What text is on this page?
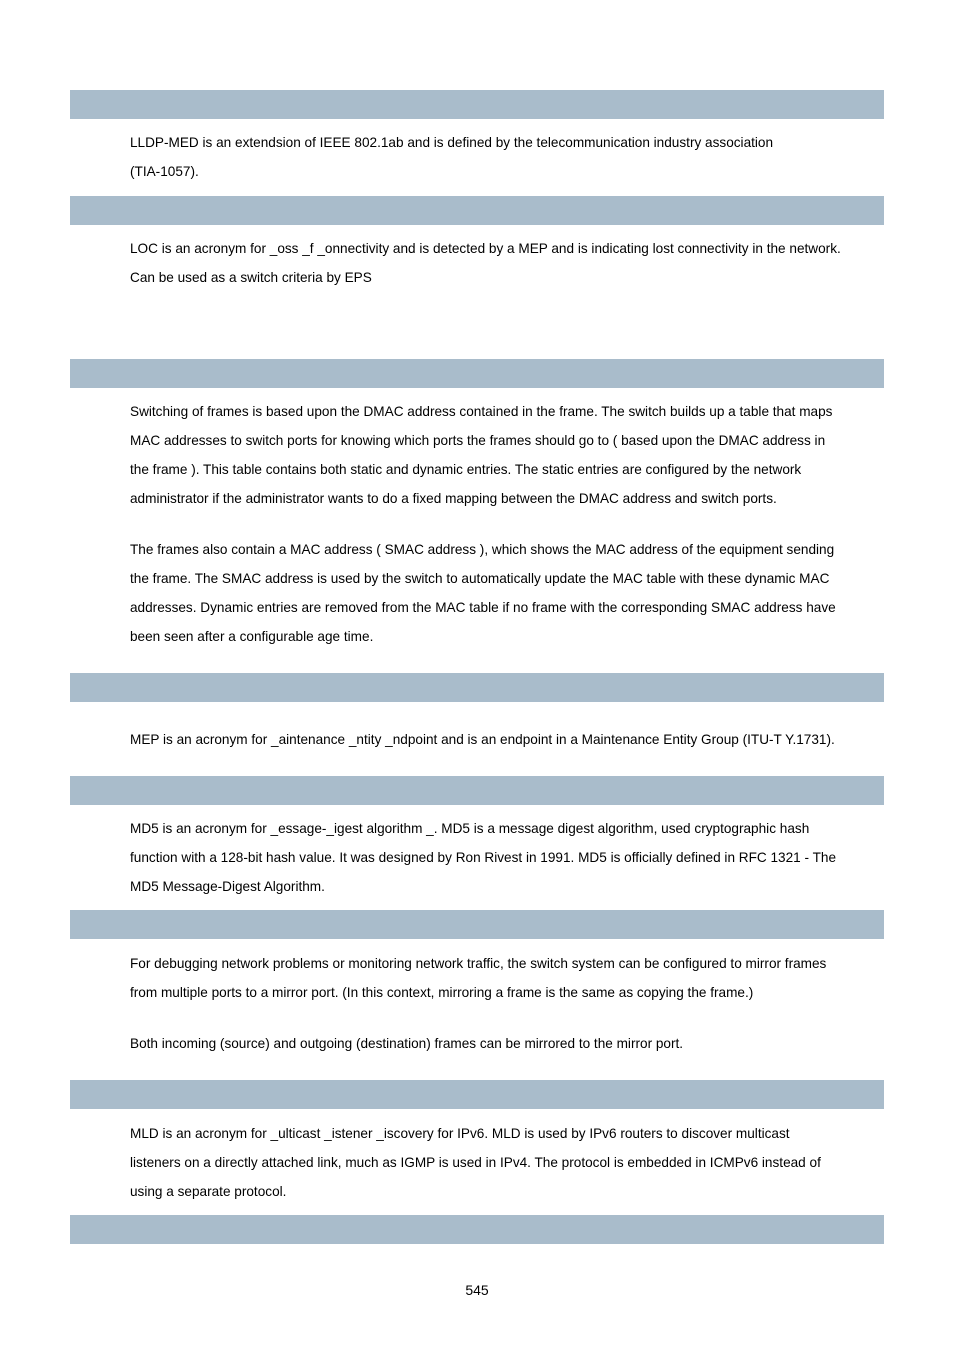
LLDP-MED is an extendsion of IEEE 802.1ab and is defined by the telecommunication industry association
(TIA-1057).

LOC is an acronym for _oss _f _onnectivity and is detected by a MEP and is indicating lost connectivity in the network.
Can be used as a switch criteria by EPS

Switching of frames is based upon the DMAC address contained in the frame. The switch builds up a table that maps
MAC addresses to switch ports for knowing which ports the frames should go to ( based upon the DMAC address in
the frame ). This table contains both static and dynamic entries. The static entries are configured by the network
administrator if the administrator wants to do a fixed mapping between the DMAC address and switch ports.

The frames also contain a MAC address ( SMAC address ), which shows the MAC address of the equipment sending
the frame. The SMAC address is used by the switch to automatically update the MAC table with these dynamic MAC
addresses. Dynamic entries are removed from the MAC table if no frame with the corresponding SMAC address have
been seen after a configurable age time.

MEP is an acronym for _aintenance _ntity _ndpoint and is an endpoint in a Maintenance Entity Group (ITU-T Y.1731).

MD5 is an acronym for _essage-_igest algorithm _. MD5 is a message digest algorithm, used cryptographic hash
function with a 128-bit hash value. It was designed by Ron Rivest in 1991. MD5 is officially defined in RFC 1321 - The
MD5 Message-Digest Algorithm.

For debugging network problems or monitoring network traffic, the switch system can be configured to mirror frames
from multiple ports to a mirror port. (In this context, mirroring a frame is the same as copying the frame.)

Both incoming (source) and outgoing (destination) frames can be mirrored to the mirror port.

MLD is an acronym for _ulticast _istener _iscovery for IPv6. MLD is used by IPv6 routers to discover multicast
listeners on a directly attached link, much as IGMP is used in IPv4. The protocol is embedded in ICMPv6 instead of
using a separate protocol.

545
